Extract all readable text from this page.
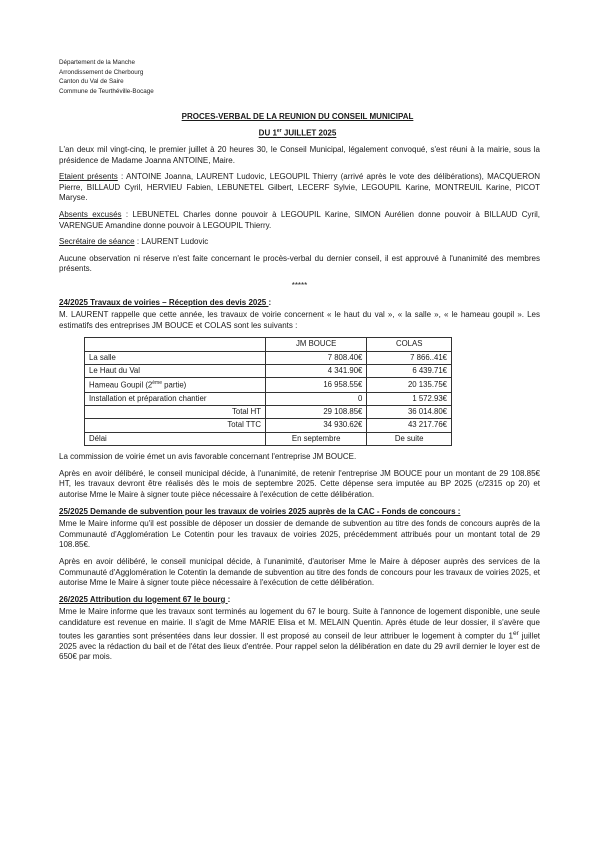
Département de la Manche
Arrondissement de Cherbourg
Canton du Val de Saire
Commune de Teurthéville-Bocage
PROCES-VERBAL DE LA REUNION DU CONSEIL MUNICIPAL
DU 1er JUILLET 2025

L'an deux mil vingt-cinq, le premier juillet à 20 heures 30, le Conseil Municipal, légalement convoqué, s'est réuni à la mairie, sous la présidence de Madame Joanna ANTOINE, Maire.

Etaient présents : ANTOINE Joanna, LAURENT Ludovic, LEGOUPIL Thierry (arrivé après le vote des délibérations), MACQUERON Pierre, BILLAUD Cyril, HERVIEU Fabien, LEBUNETEL Gilbert, LECERF Sylvie, LEGOUPIL Karine, MONTREUIL Karine, PICOT Maryse.

Absents excusés : LEBUNETEL Charles donne pouvoir à LEGOUPIL Karine, SIMON Aurélien donne pouvoir à BILLAUD Cyril, VARENGUE Amandine donne pouvoir à LEGOUPIL Thierry.

Secrétaire de séance : LAURENT Ludovic

Aucune observation ni réserve n'est faite concernant le procès-verbal du dernier conseil, il est approuvé à l'unanimité des membres présents.

*****
24/2025 Travaux de voiries – Réception des devis 2025 :

M. LAURENT rappelle que cette année, les travaux de voirie concernent « le haut du val », « la salle », « le hameau goupil ». Les estimatifs des entreprises JM BOUCE et COLAS sont les suivants :

	JM BOUCE	COLAS
La salle	7 808.40€	7 866..41€
Le Haut du Val	4 341.90€	6 439.71€
Hameau Goupil (2ème partie)	16 958.55€	20 135.75€
Installation et préparation chantier	0	1 572.93€
Total HT	29 108.85€	36 014.80€
Total TTC	34 930.62€	43 217.76€
Délai	En septembre	De suite

La commission de voirie émet un avis favorable concernant l'entreprise JM BOUCE.

Après en avoir délibéré, le conseil municipal décide, à l'unanimité, de retenir l'entreprise JM BOUCE pour un montant de 29 108.85€ HT, les travaux devront être réalisés dès le mois de septembre 2025. Cette dépense sera imputée au BP 2025 (c/2315 op 20) et autorise Mme le Maire à signer toute pièce nécessaire à l'exécution de cette délibération.

25/2025 Demande de subvention pour les travaux de voiries 2025 auprès de la CAC - Fonds de concours :

Mme le Maire informe qu'il est possible de déposer un dossier de demande de subvention au titre des fonds de concours auprès de la Communauté d'Agglomération Le Cotentin pour les travaux de voiries 2025, précédemment attribués pour un montant total de 29 108.85€.

Après en avoir délibéré, le conseil municipal décide, à l'unanimité, d'autoriser Mme le Maire à déposer auprès des services de la Communauté d'Agglomération le Cotentin la demande de subvention au titre des fonds de concours pour les travaux de voiries 2025, et autorise Mme le Maire à signer toute pièce nécessaire à l'exécution de cette délibération.

26/2025 Attribution du logement 67 le bourg :

Mme le Maire informe que les travaux sont terminés au logement du 67 le bourg. Suite à l'annonce de logement disponible, une seule candidature est revenue en mairie. Il s'agit de Mme MARIE Elisa et M. MELAIN Quentin. Après étude de leur dossier, il s'avère que toutes les garanties sont présentées dans leur dossier. Il est proposé au conseil de leur attribuer le logement à compter du 1er juillet 2025 avec la rédaction du bail et de l'état des lieux d'entrée. Pour rappel selon la délibération en date du 29 avril dernier le loyer est de 650€ par mois.
